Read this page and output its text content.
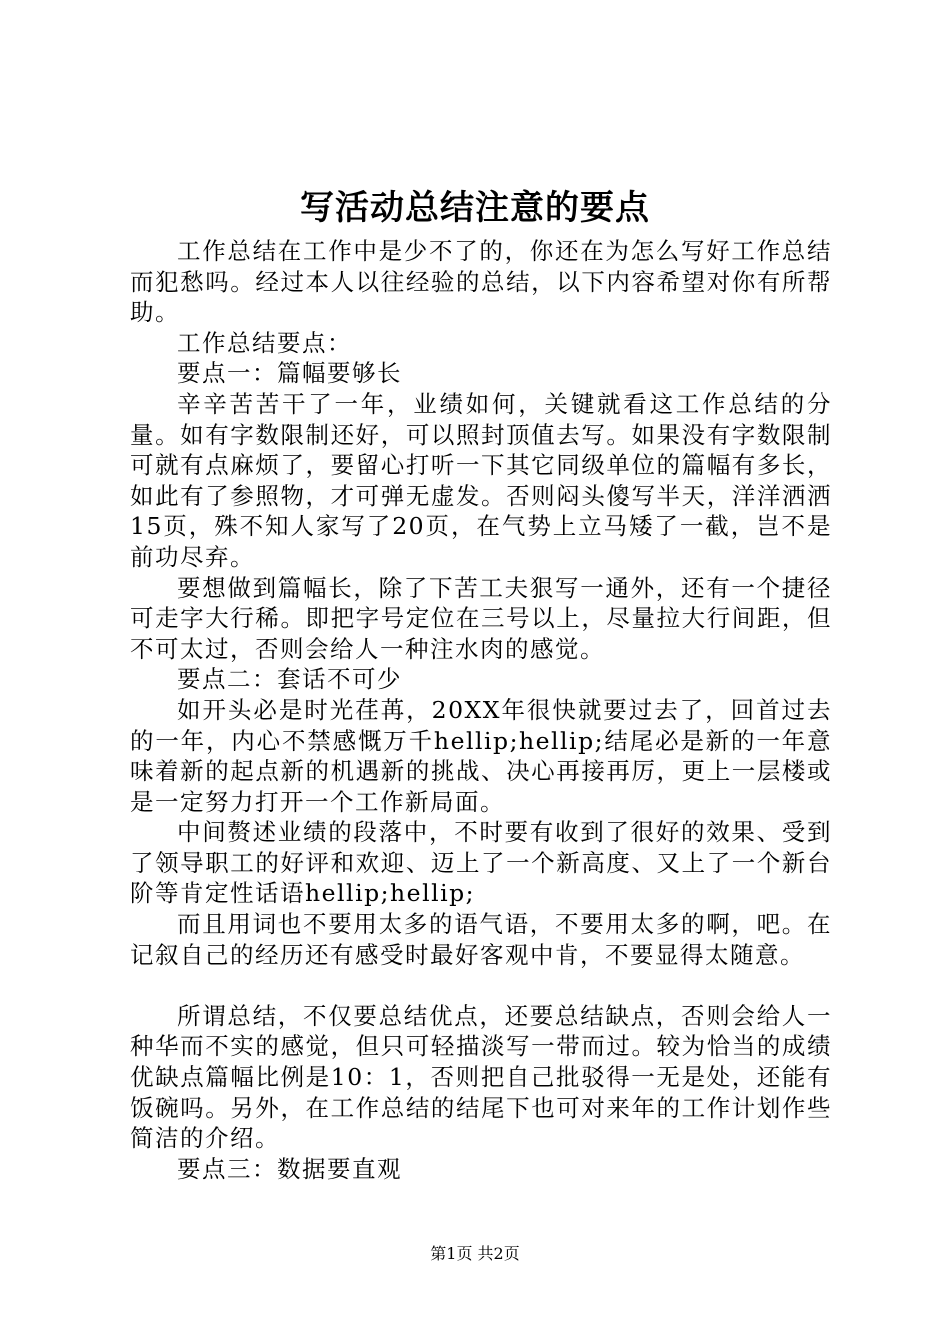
写活动总结注意的要点

工作总结在工作中是少不了的，你还在为怎么写好工作总结而犯愁吗。经过本人以往经验的总结，以下内容希望对你有所帮助。

工作总结要点：

要点一：篇幅要够长

辛辛苦苦干了一年，业绩如何，关键就看这工作总结的分量。如有字数限制还好，可以照封顶值去写。如果没有字数限制可就有点麻烦了，要留心打听一下其它同级单位的篇幅有多长，如此有了参照物，才可弹无虚发。否则闷头傻写半天，洋洋洒洒15页，殊不知人家写了20页，在气势上立马矮了一截，岂不是前功尽弃。

要想做到篇幅长，除了下苦工夫狠写一通外，还有一个捷径可走字大行稀。即把字号定位在三号以上，尽量拉大行间距，但不可太过，否则会给人一种注水肉的感觉。

要点二：套话不可少

如开头必是时光荏苒，20XX年很快就要过去了，回首过去的一年，内心不禁感慨万千hellip;hellip;结尾必是新的一年意味着新的起点新的机遇新的挑战、决心再接再厉，更上一层楼或是一定努力打开一个工作新局面。

中间赘述业绩的段落中，不时要有收到了很好的效果、受到了领导职工的好评和欢迎、迈上了一个新高度、又上了一个新台阶等肯定性话语hellip;hellip;

而且用词也不要用太多的语气语，不要用太多的啊，吧。在记叙自己的经历还有感受时最好客观中肯，不要显得太随意。

所谓总结，不仅要总结优点，还要总结缺点，否则会给人一种华而不实的感觉，但只可轻描淡写一带而过。较为恰当的成绩优缺点篇幅比例是10：1，否则把自己批驳得一无是处，还能有饭碗吗。另外，在工作总结的结尾下也可对来年的工作计划作些简洁的介绍。

要点三：数据要直观

第1页 共2页
